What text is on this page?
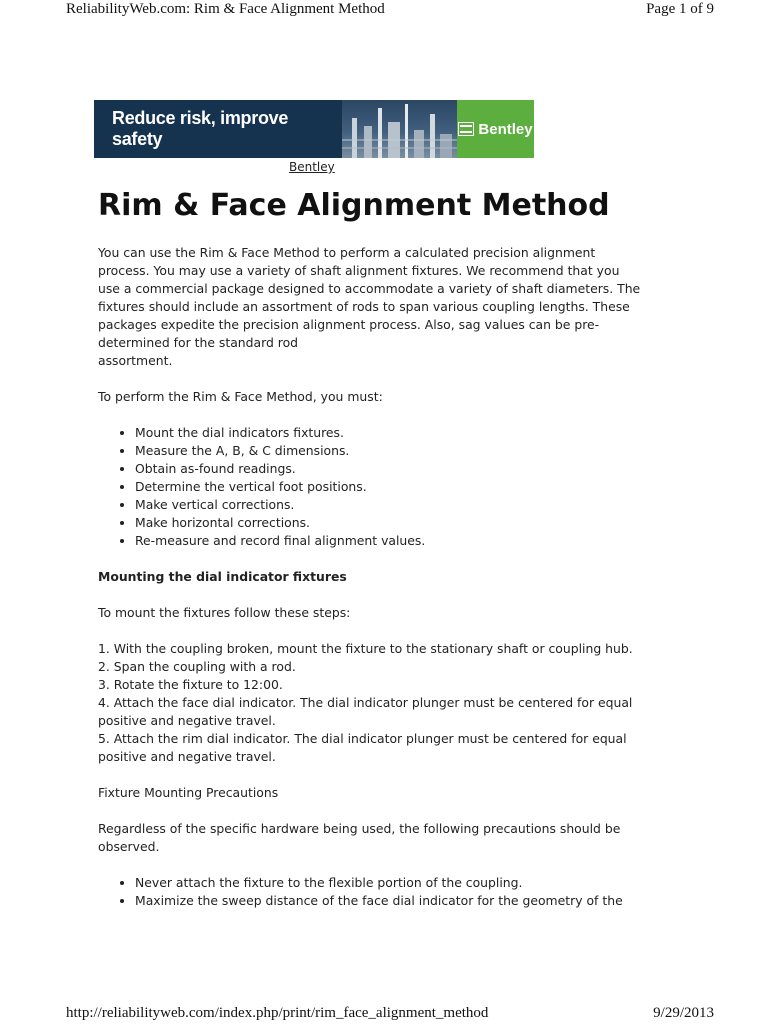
ReliabilityWeb.com: Rim & Face Alignment Method	Page 1 of 9
Reduce risk, improve safety	Bentley
Bentley
Rim & Face Alignment Method

You can use the Rim & Face Method to perform a calculated precision alignment
process. You may use a variety of shaft alignment fixtures. We recommend that you
use a commercial package designed to accommodate a variety of shaft diameters. The
fixtures should include an assortment of rods to span various coupling lengths. These
packages expedite the precision alignment process. Also, sag values can be pre-
determined for the standard rod
assortment.

To perform the Rim & Face Method, you must:

• Mount the dial indicators fixtures.
• Measure the A, B, & C dimensions.
• Obtain as-found readings.
• Determine the vertical foot positions.
• Make vertical corrections.
• Make horizontal corrections.
• Re-measure and record final alignment values.
Mounting the dial indicator fixtures

To mount the fixtures follow these steps:

1. With the coupling broken, mount the fixture to the stationary shaft or coupling hub.
2. Span the coupling with a rod.
3. Rotate the fixture to 12:00.
4. Attach the face dial indicator. The dial indicator plunger must be centered for equal
positive and negative travel.
5. Attach the rim dial indicator. The dial indicator plunger must be centered for equal
positive and negative travel.

Fixture Mounting Precautions

Regardless of the specific hardware being used, the following precautions should be
observed.

• Never attach the fixture to the flexible portion of the coupling.
• Maximize the sweep distance of the face dial indicator for the geometry of the
http://reliabilityweb.com/index.php/print/rim_face_alignment_method	9/29/2013
